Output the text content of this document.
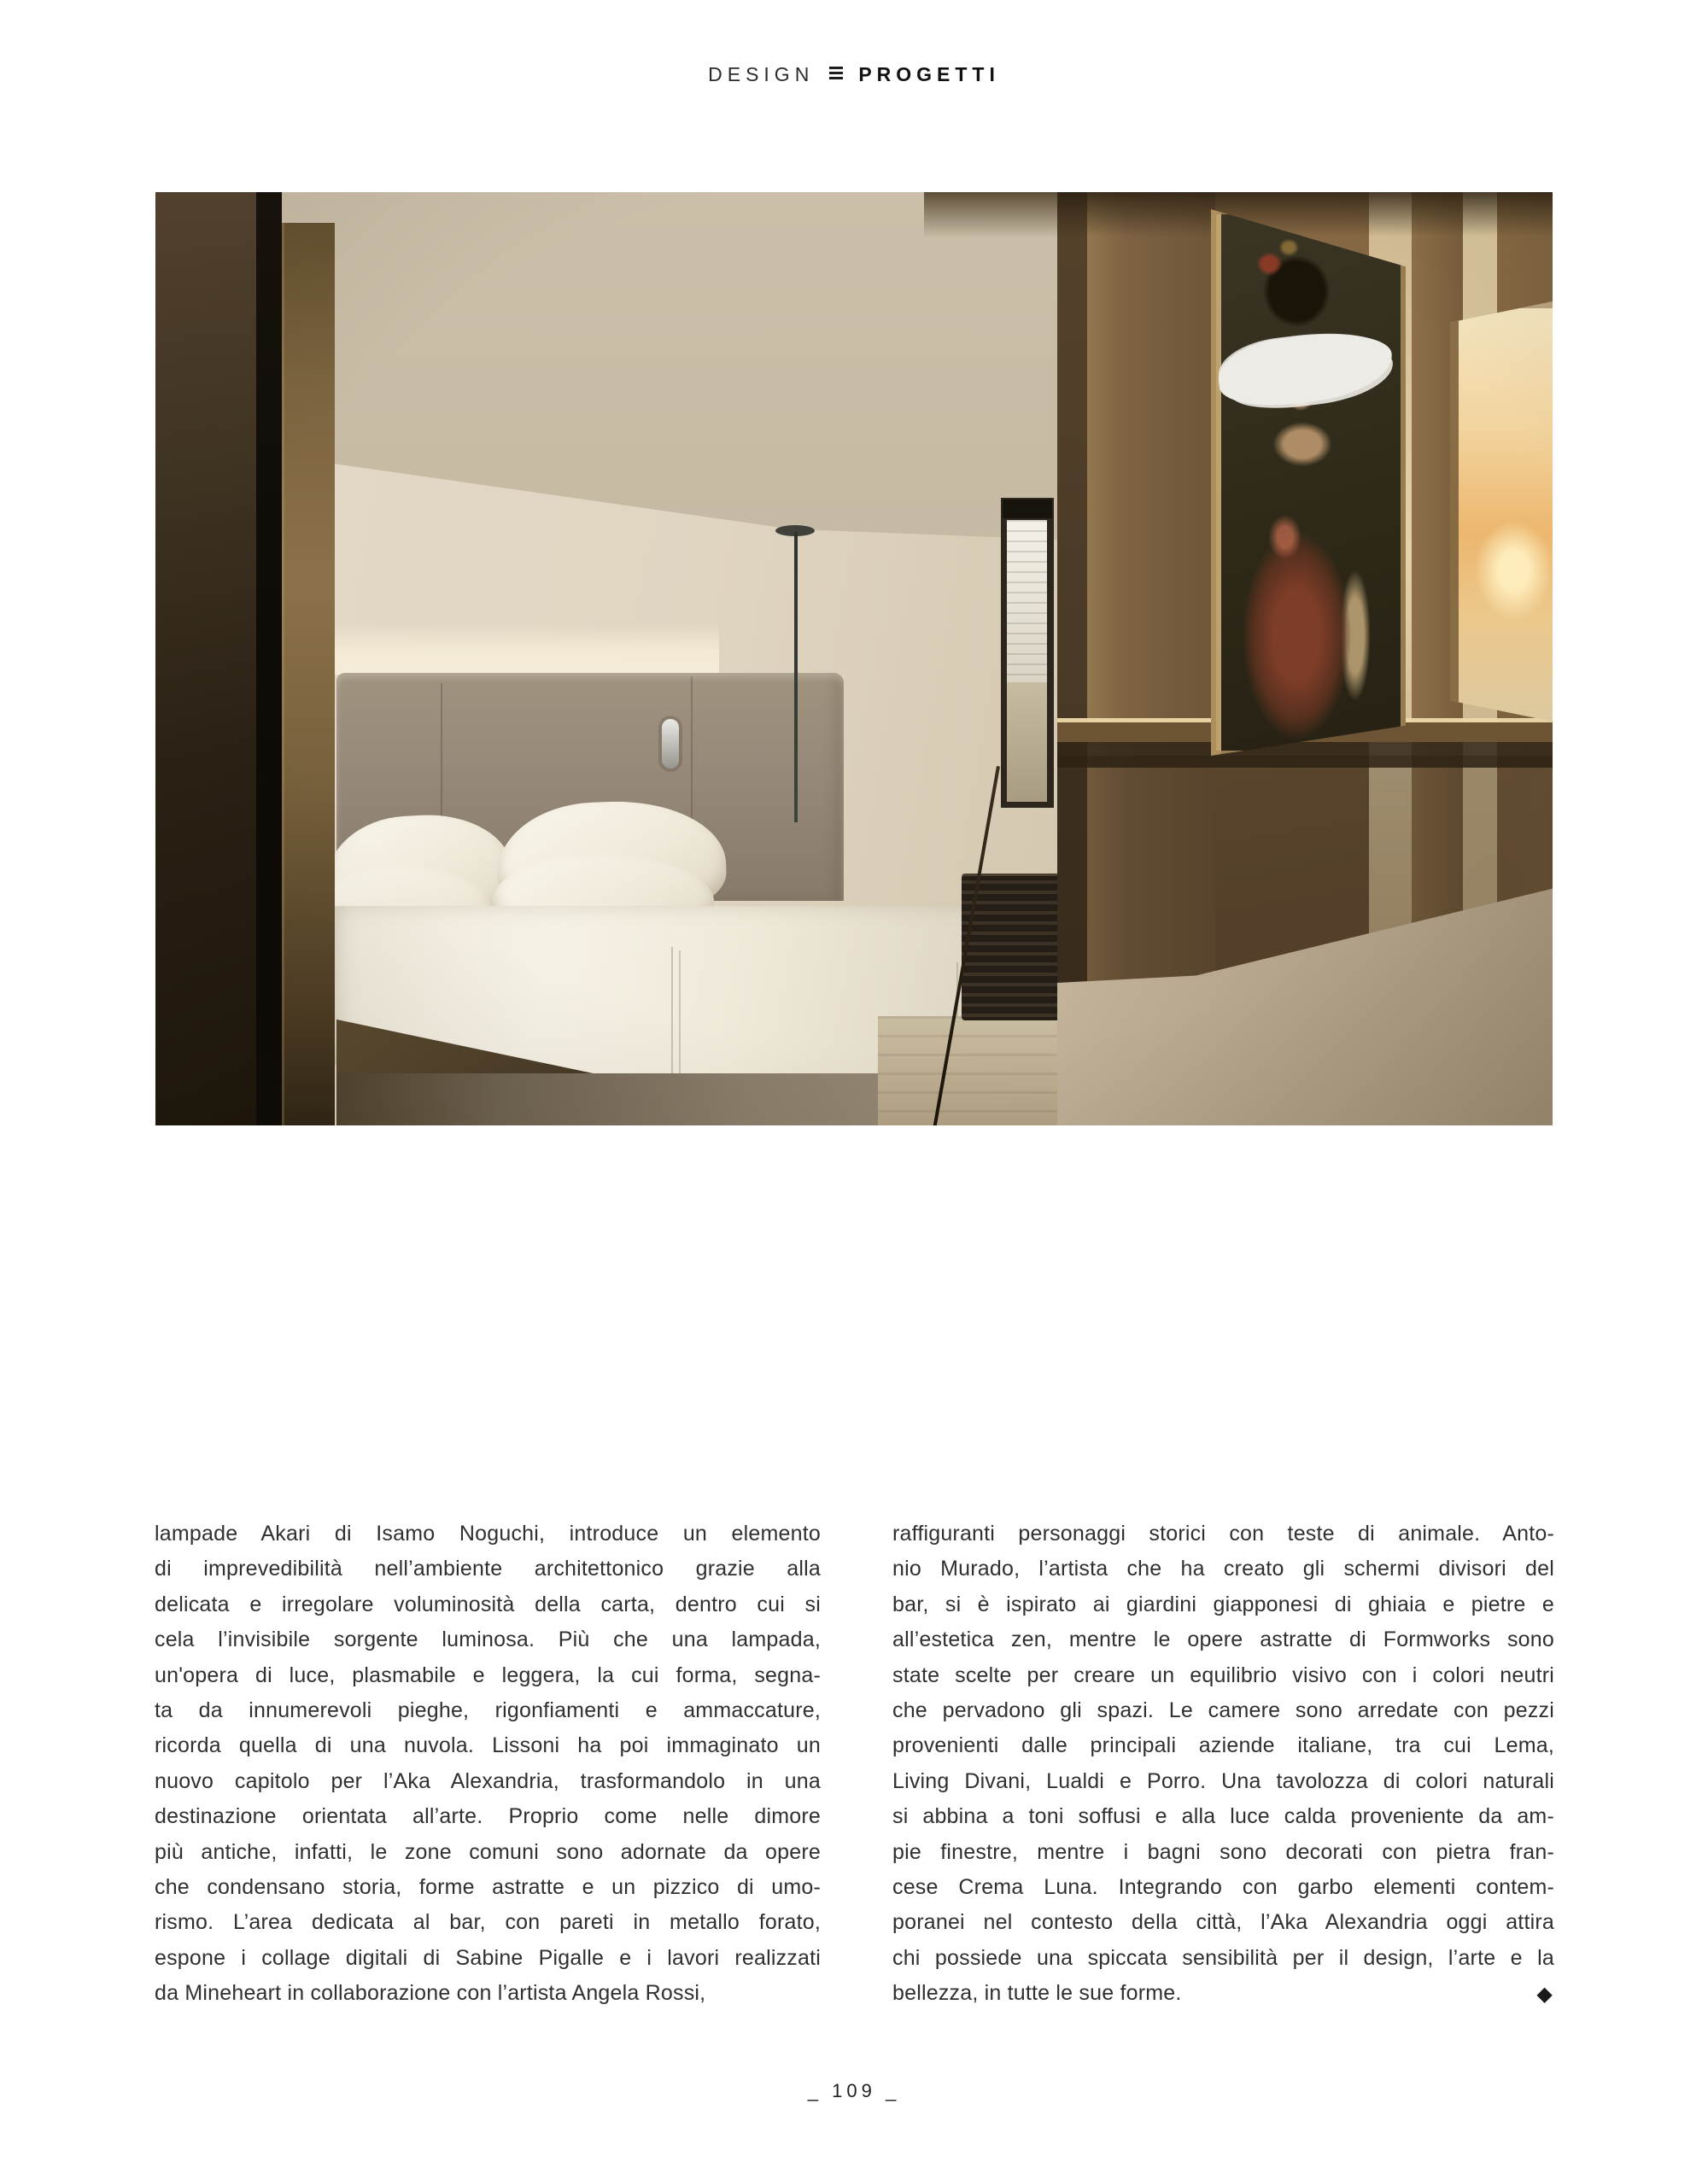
DESIGN PROGETTI
lampade Akari di Isamo Noguchi, introduce un elemento
di imprevedibilità nell’ambiente architettonico grazie alla
delicata e irregolare voluminosità della carta, dentro cui si
cela l’invisibile sorgente luminosa. Più che una lampada,
un'opera di luce, plasmabile e leggera, la cui forma, segna-
ta da innumerevoli pieghe, rigonfiamenti e ammaccature,
ricorda quella di una nuvola. Lissoni ha poi immaginato un
nuovo capitolo per l’Aka Alexandria, trasformandolo in una
destinazione orientata all’arte. Proprio come nelle dimore
più antiche, infatti, le zone comuni sono adornate da opere
che condensano storia, forme astratte e un pizzico di umo-
rismo. L’area dedicata al bar, con pareti in metallo forato,
espone i collage digitali di Sabine Pigalle e i lavori realizzati
da Mineheart in collaborazione con l’artista Angela Rossi,	◆
raffiguranti personaggi storici con teste di animale. Anto-
nio Murado, l’artista che ha creato gli schermi divisori del
bar, si è ispirato ai giardini giapponesi di ghiaia e pietre e
all’estetica zen, mentre le opere astratte di Formworks sono
state scelte per creare un equilibrio visivo con i colori neutri
che pervadono gli spazi. Le camere sono arredate con pezzi
provenienti dalle principali aziende italiane, tra cui Lema,
Living Divani, Lualdi e Porro. Una tavolozza di colori naturali
si abbina a toni soffusi e alla luce calda proveniente da am-
pie finestre, mentre i bagni sono decorati con pietra fran-
cese Crema Luna. Integrando con garbo elementi contem-
poranei nel contesto della città, l’Aka Alexandria oggi attira
chi possiede una spiccata sensibilità per il design, l’arte e la
bellezza, in tutte le sue forme.
_ 109 _
